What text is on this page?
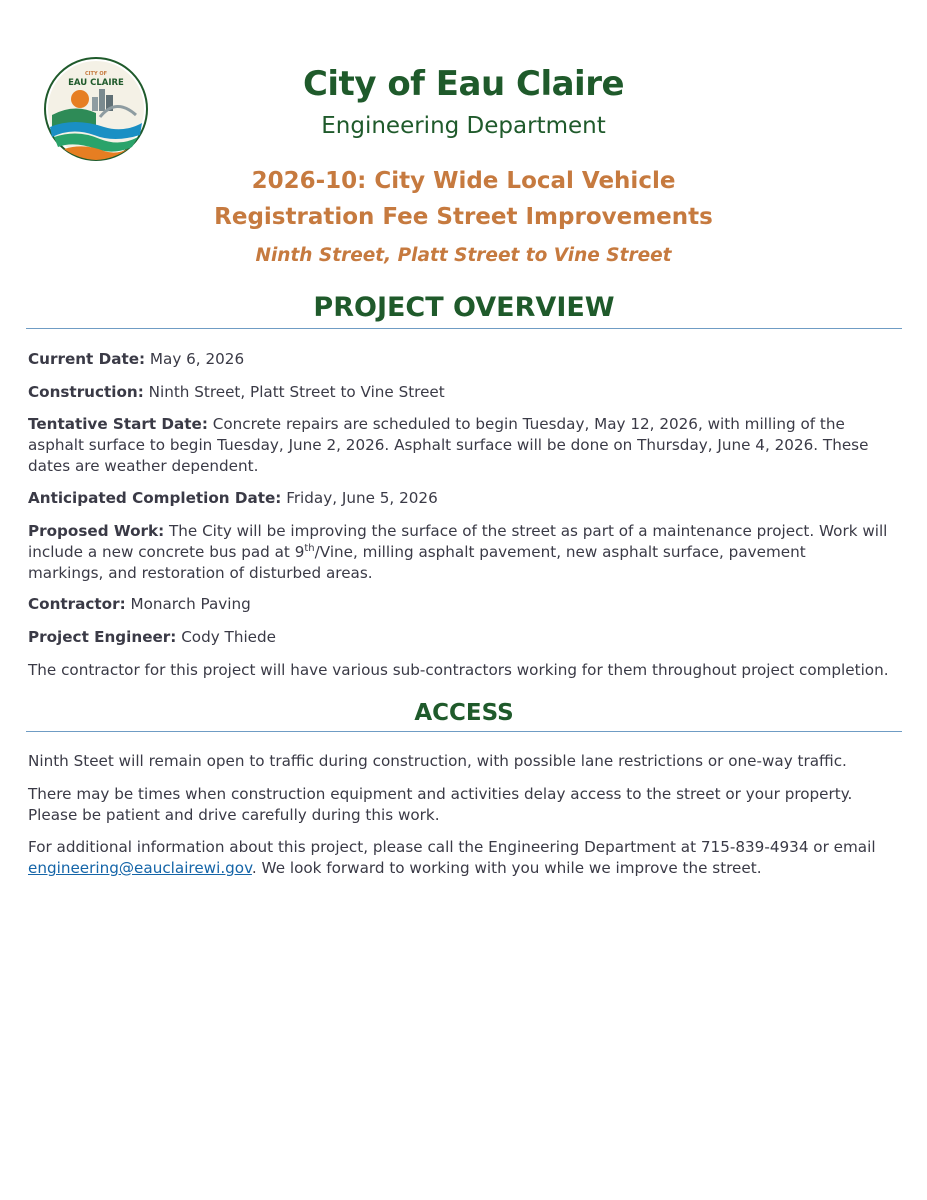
CITY OF
EAU CLAIRE	City of Eau Claire
Engineering Department
2026-10: City Wide Local Vehicle
Registration Fee Street Improvements
Ninth Street, Platt Street to Vine Street
PROJECT OVERVIEW
Current Date: May 6, 2026
Construction: Ninth Street, Platt Street to Vine Street
Tentative Start Date: Concrete repairs are scheduled to begin Tuesday, May 12, 2026, with milling of the
asphalt surface to begin Tuesday, June 2, 2026. Asphalt surface will be done on Thursday, June 4, 2026. These
dates are weather dependent.
Anticipated Completion Date: Friday, June 5, 2026
Proposed Work: The City will be improving the surface of the street as part of a maintenance project. Work will
include a new concrete bus pad at 9th/Vine, milling asphalt pavement, new asphalt surface, pavement
markings, and restoration of disturbed areas.
Contractor: Monarch Paving
Project Engineer: Cody Thiede
The contractor for this project will have various sub-contractors working for them throughout project completion.
ACCESS
Ninth Steet will remain open to traffic during construction, with possible lane restrictions or one-way traffic.
There may be times when construction equipment and activities delay access to the street or your property.
Please be patient and drive carefully during this work.
For additional information about this project, please call the Engineering Department at 715-839-4934 or email
engineering@eauclairewi.gov. We look forward to working with you while we improve the street.
